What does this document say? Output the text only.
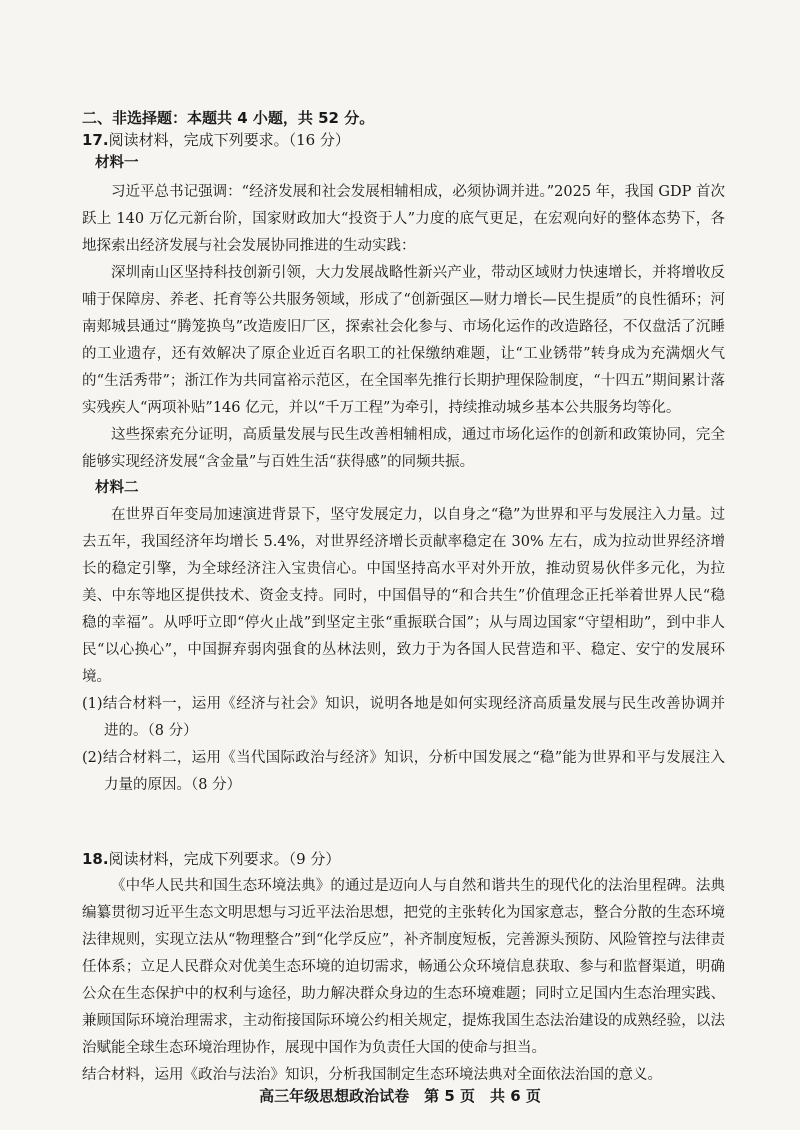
二、非选择题：本题共 4 小题，共 52 分。

17.阅读材料，完成下列要求。（16 分）

材料一

习近平总书记强调：“经济发展和社会发展相辅相成，必须协调并进。”2025 年，我国 GDP 首次跃上 140 万亿元新台阶，国家财政加大“投资于人”力度的底气更足，在宏观向好的整体态势下，各地探索出经济发展与社会发展协同推进的生动实践：

深圳南山区坚持科技创新引领，大力发展战略性新兴产业，带动区域财力快速增长，并将增收反哺于保障房、养老、托育等公共服务领域，形成了“创新强区—财力增长—民生提质”的良性循环；河南郏城县通过“腾笼换鸟”改造废旧厂区，探索社会化参与、市场化运作的改造路径，不仅盘活了沉睡的工业遗存，还有效解决了原企业近百名职工的社保缴纳难题，让“工业锈带”转身成为充满烟火气的“生活秀带”；浙江作为共同富裕示范区，在全国率先推行长期护理保险制度，“十四五”期间累计落实残疾人“两项补贴”146 亿元，并以“千万工程”为牵引，持续推动城乡基本公共服务均等化。

这些探索充分证明，高质量发展与民生改善相辅相成，通过市场化运作的创新和政策协同，完全能够实现经济发展“含金量”与百姓生活“获得感”的同频共振。

材料二

在世界百年变局加速演进背景下，坚守发展定力，以自身之“稳”为世界和平与发展注入力量。过去五年，我国经济年均增长 5.4%，对世界经济增长贡献率稳定在 30% 左右，成为拉动世界经济增长的稳定引擎，为全球经济注入宝贵信心。中国坚持高水平对外开放，推动贸易伙伴多元化，为拉美、中东等地区提供技术、资金支持。同时，中国倡导的“和合共生”价值理念正托举着世界人民“稳稳的幸福”。从呼吁立即“停火止战”到坚定主张“重振联合国”；从与周边国家“守望相助”，到中非人民“以心换心”，中国摒弃弱肉强食的丛林法则，致力于为各国人民营造和平、稳定、安宁的发展环境。

(1)结合材料一，运用《经济与社会》知识，说明各地是如何实现经济高质量发展与民生改善协调并进的。（8 分）

(2)结合材料二，运用《当代国际政治与经济》知识，分析中国发展之“稳”能为世界和平与发展注入力量的原因。（8 分）

18.阅读材料，完成下列要求。（9 分）

《中华人民共和国生态环境法典》的通过是迈向人与自然和谐共生的现代化的法治里程碑。法典编纂贯彻习近平生态文明思想与习近平法治思想，把党的主张转化为国家意志，整合分散的生态环境法律规则，实现立法从“物理整合”到“化学反应”，补齐制度短板，完善源头预防、风险管控与法律责任体系；立足人民群众对优美生态环境的迫切需求，畅通公众环境信息获取、参与和监督渠道，明确公众在生态保护中的权利与途径，助力解决群众身边的生态环境难题；同时立足国内生态治理实践、兼顾国际环境治理需求，主动衔接国际环境公约相关规定，提炼我国生态法治建设的成熟经验，以法治赋能全球生态环境治理协作，展现中国作为负责任大国的使命与担当。

结合材料，运用《政治与法治》知识，分析我国制定生态环境法典对全面依法治国的意义。

高三年级思想政治试卷　第 5 页　共 6 页
